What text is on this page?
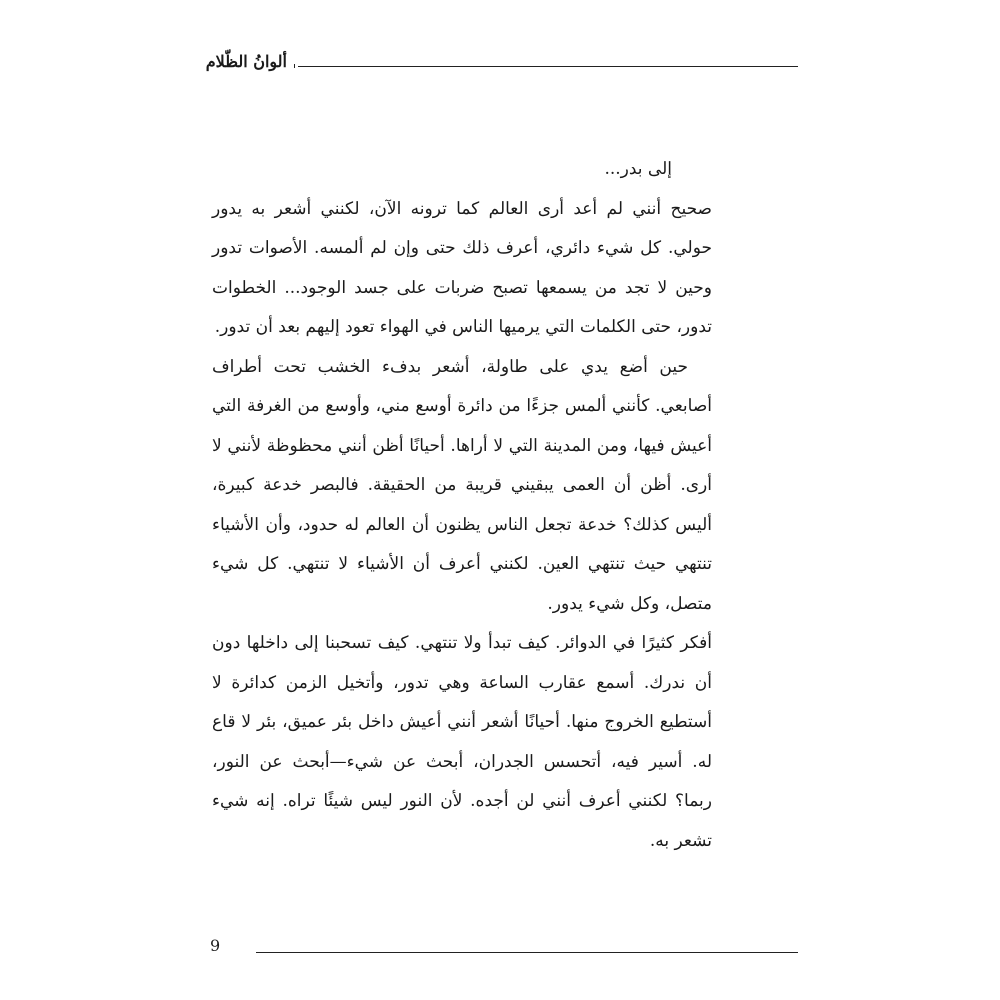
ألوانُ الظّلام

إلى بدر...

صحيح أنني لم أعد أرى العالم كما ترونه الآن، لكنني أشعر به يدور حولي. كل شيء دائري، أعرف ذلك حتى وإن لم ألمسه. الأصوات تدور وحين لا تجد من يسمعها تصبح ضربات على جسد الوجود... الخطوات تدور، حتى الكلمات التي يرميها الناس في الهواء تعود إليهم بعد أن تدور.

حين أضع يدي على طاولة، أشعر بدفء الخشب تحت أطراف أصابعي. كأنني ألمس جزءًا من دائرة أوسع مني، وأوسع من الغرفة التي أعيش فيها، ومن المدينة التي لا أراها. أحيانًا أظن أنني محظوظة لأنني لا أرى. أظن أن العمى يبقيني قريبة من الحقيقة. فالبصر خدعة كبيرة، أليس كذلك؟ خدعة تجعل الناس يظنون أن العالم له حدود، وأن الأشياء تنتهي حيث تنتهي العين. لكنني أعرف أن الأشياء لا تنتهي. كل شيء متصل، وكل شيء يدور.

أفكر كثيرًا في الدوائر. كيف تبدأ ولا تنتهي. كيف تسحبنا إلى داخلها دون أن ندرك. أسمع عقارب الساعة وهي تدور، وأتخيل الزمن كدائرة لا أستطيع الخروج منها. أحيانًا أشعر أنني أعيش داخل بئر عميق، بئر لا قاع له. أسير فيه، أتحسس الجدران، أبحث عن شيء—أبحث عن النور، ربما؟ لكنني أعرف أنني لن أجده. لأن النور ليس شيئًا تراه. إنه شيء تشعر به.

9
